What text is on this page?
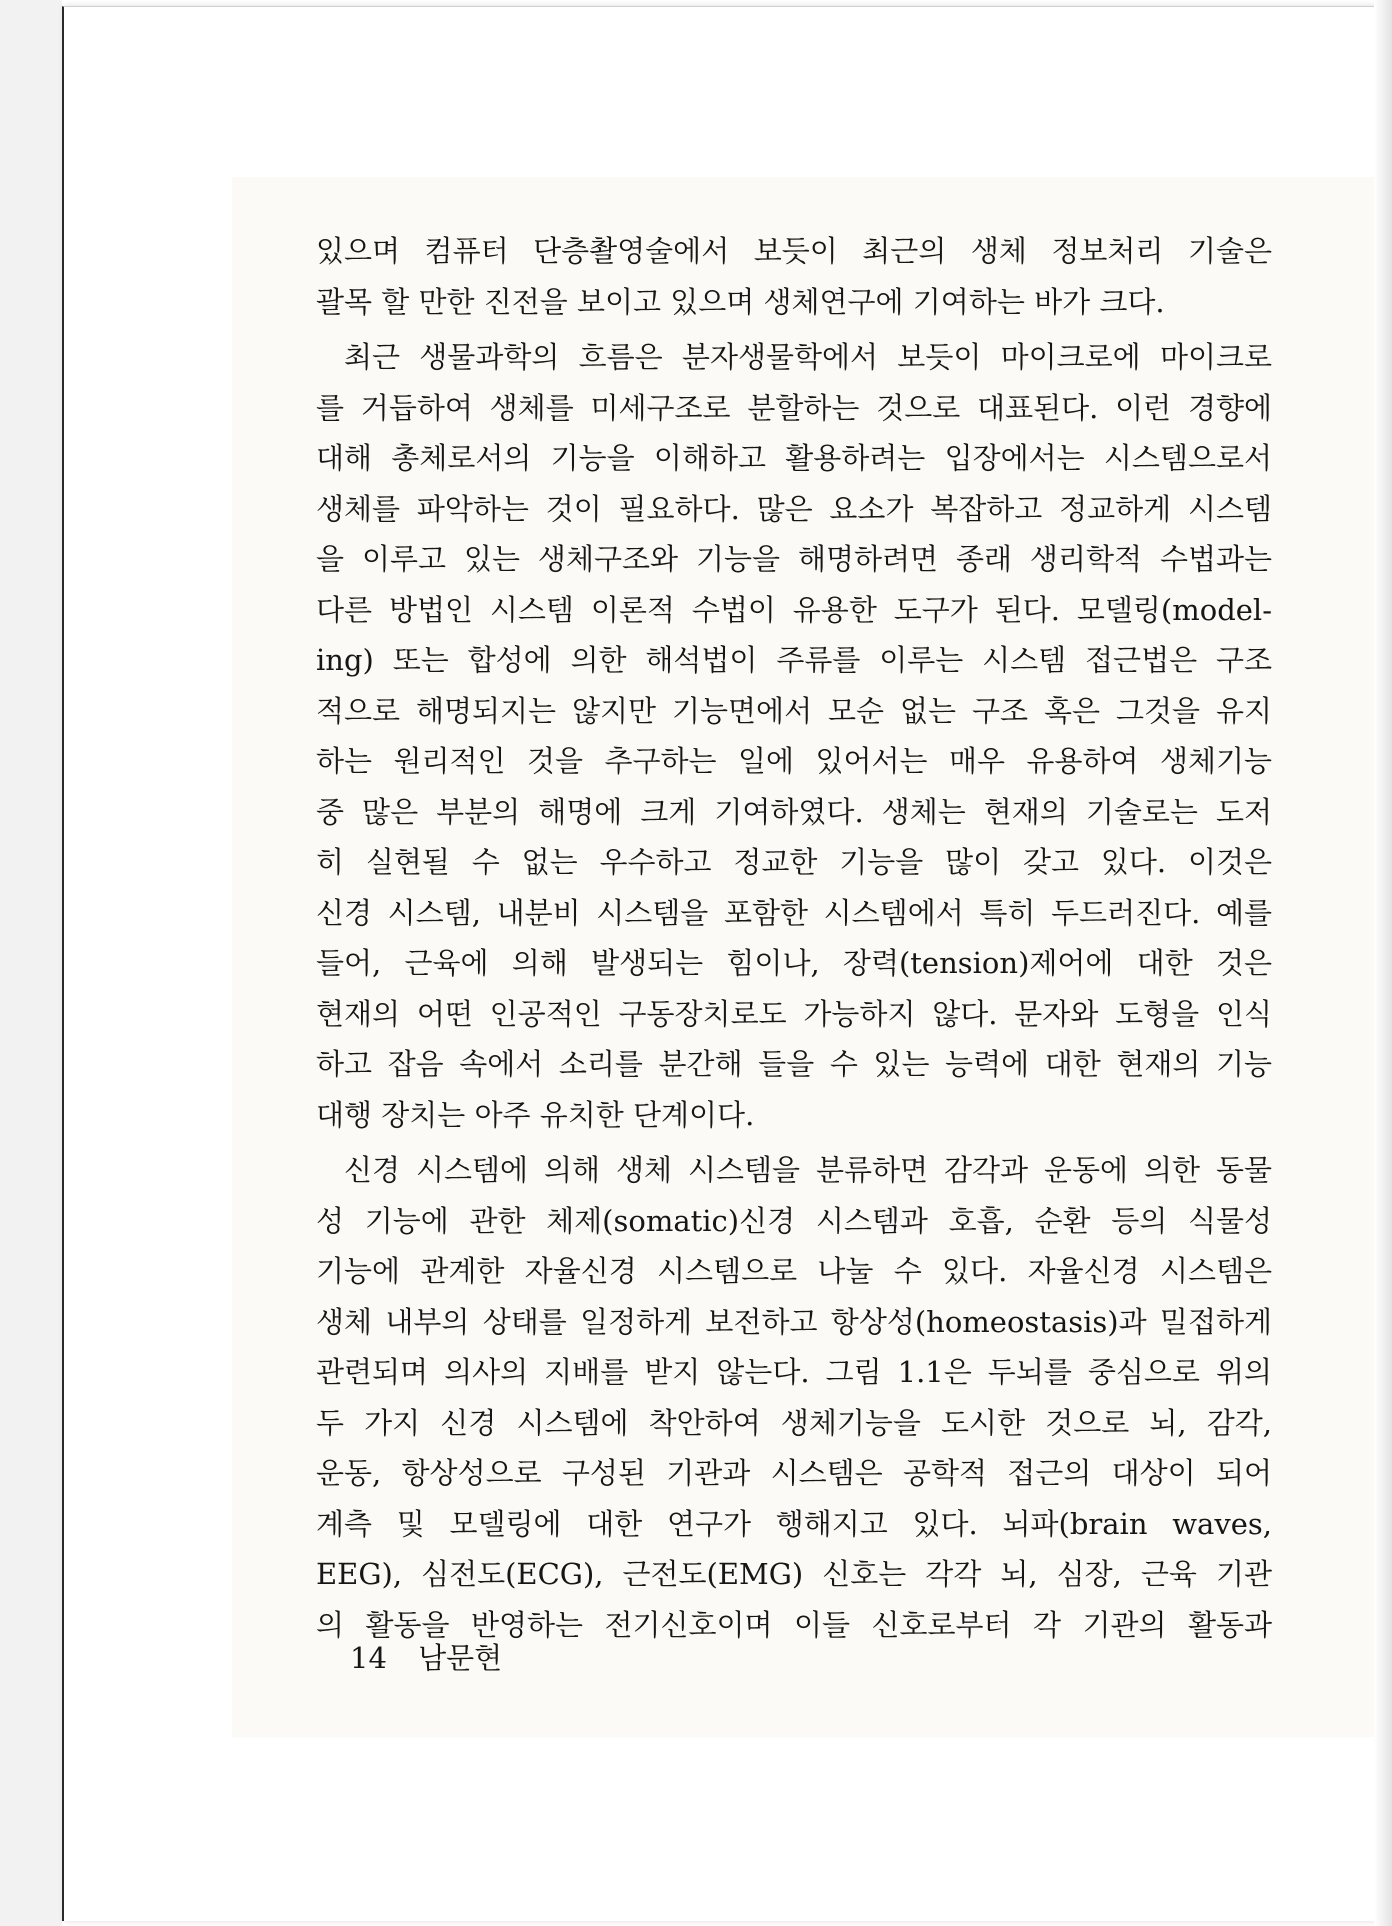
있으며 컴퓨터 단층촬영술에서 보듯이 최근의 생체 정보처리 기술은
괄목 할 만한 진전을 보이고 있으며 생체연구에 기여하는 바가 크다.
최근 생물과학의 흐름은 분자생물학에서 보듯이 마이크로에 마이크로
를 거듭하여 생체를 미세구조로 분할하는 것으로 대표된다. 이런 경향에
대해 총체로서의 기능을 이해하고 활용하려는 입장에서는 시스템으로서
생체를 파악하는 것이 필요하다. 많은 요소가 복잡하고 정교하게 시스템
을 이루고 있는 생체구조와 기능을 해명하려면 종래 생리학적 수법과는
다른 방법인 시스템 이론적 수법이 유용한 도구가 된다. 모델링(model-
ing) 또는 합성에 의한 해석법이 주류를 이루는 시스템 접근법은 구조
적으로 해명되지는 않지만 기능면에서 모순 없는 구조 혹은 그것을 유지
하는 원리적인 것을 추구하는 일에 있어서는 매우 유용하여 생체기능
중 많은 부분의 해명에 크게 기여하였다. 생체는 현재의 기술로는 도저
히 실현될 수 없는 우수하고 정교한 기능을 많이 갖고 있다. 이것은
신경 시스템, 내분비 시스템을 포함한 시스템에서 특히 두드러진다. 예를
들어, 근육에 의해 발생되는 힘이나, 장력(tension)제어에 대한 것은
현재의 어떤 인공적인 구동장치로도 가능하지 않다. 문자와 도형을 인식
하고 잡음 속에서 소리를 분간해 들을 수 있는 능력에 대한 현재의 기능
대행 장치는 아주 유치한 단계이다.
신경 시스템에 의해 생체 시스템을 분류하면 감각과 운동에 의한 동물
성 기능에 관한 체제(somatic)신경 시스템과 호흡, 순환 등의 식물성
기능에 관계한 자율신경 시스템으로 나눌 수 있다. 자율신경 시스템은
생체 내부의 상태를 일정하게 보전하고 항상성(homeostasis)과 밀접하게
관련되며 의사의 지배를 받지 않는다. 그림 1.1은 두뇌를 중심으로 위의
두 가지 신경 시스템에 착안하여 생체기능을 도시한 것으로 뇌, 감각,
운동, 항상성으로 구성된 기관과 시스템은 공학적 접근의 대상이 되어
계측 및 모델링에 대한 연구가 행해지고 있다. 뇌파(brain waves,
EEG), 심전도(ECG), 근전도(EMG) 신호는 각각 뇌, 심장, 근육 기관
의 활동을 반영하는 전기신호이며 이들 신호로부터 각 기관의 활동과
14 남문현
